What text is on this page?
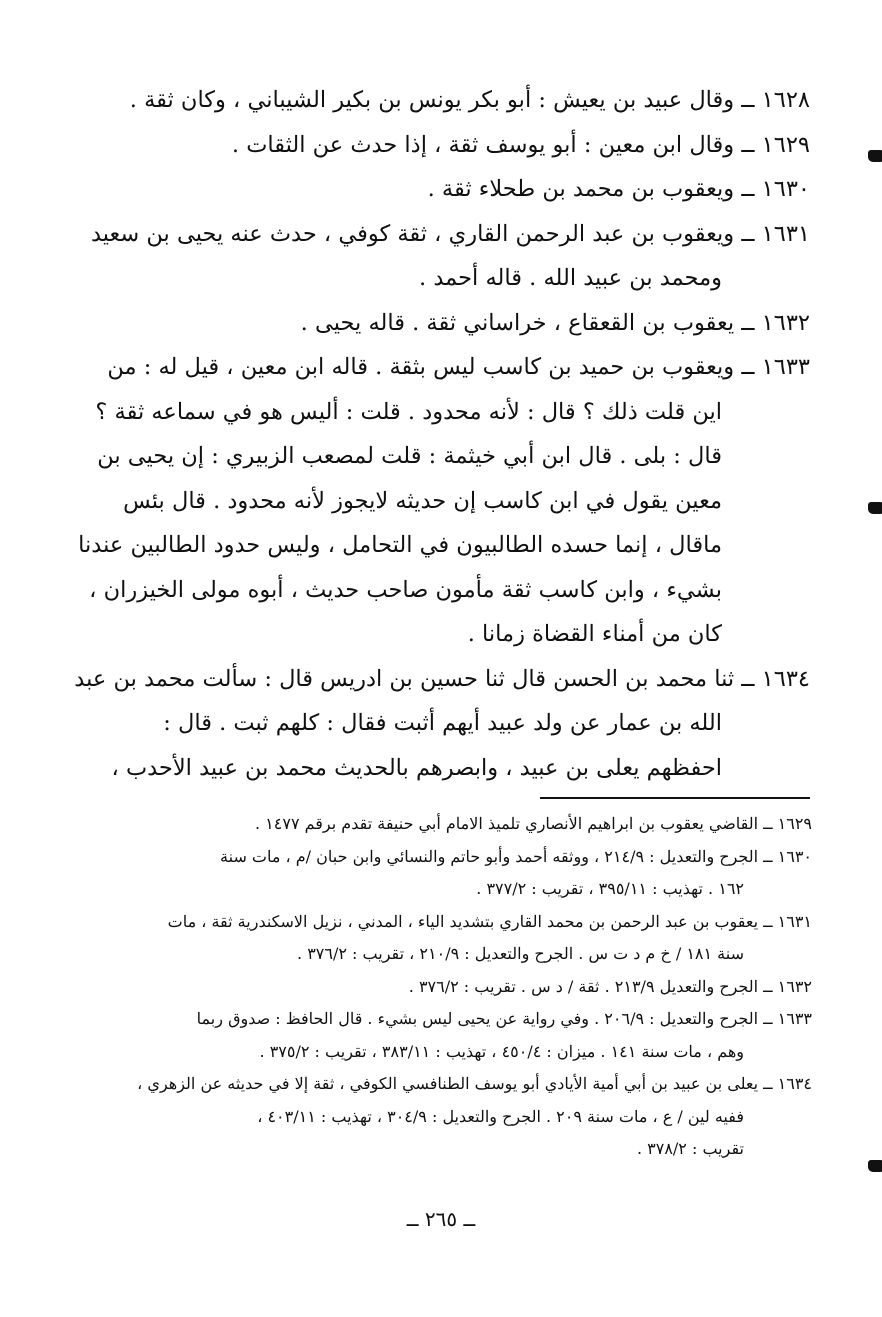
١٦٢٨ ــ وقال عبيد بن يعيش : أبو بكر يونس بن بكير الشيباني ، وكان ثقة .

١٦٢٩ ــ وقال ابن معين : أبو يوسف ثقة ، إذا حدث عن الثقات .

١٦٣٠ ــ ويعقوب بن محمد بن طحلاء ثقة .

١٦٣١ ــ ويعقوب بن عبد الرحمن القاري ، ثقة كوفي ، حدث عنه يحيى بن سعيد
ومحمد بن عبيد الله . قاله أحمد .

١٦٣٢ ــ يعقوب بن القعقاع ، خراساني ثقة . قاله يحيى .

١٦٣٣ ــ ويعقوب بن حميد بن كاسب ليس بثقة . قاله ابن معين ، قيل له : من
اين قلت ذلك ؟ قال : لأنه محدود . قلت : أليس هو في سماعه ثقة ؟
قال : بلى . قال ابن أبي خيثمة : قلت لمصعب الزبيري : إن يحيى بن
معين يقول في ابن كاسب إن حديثه لايجوز لأنه محدود . قال بئس
ماقال ، إنما حسده الطالبيون في التحامل ، وليس حدود الطالبين عندنا
بشيء ، وابن كاسب ثقة مأمون صاحب حديث ، أبوه مولى الخيزران ،
كان من أمناء القضاة زمانا .

١٦٣٤ ــ ثنا محمد بن الحسن قال ثنا حسين بن ادريس قال : سألت محمد بن عبد
الله بن عمار عن ولد عبيد أيهم أثبت فقال : كلهم ثبت . قال :
احفظهم يعلى بن عبيد ، وابصرهم بالحديث محمد بن عبيد الأحدب ،

١٦٢٩ ــ القاضي يعقوب بن ابراهيم الأنصاري تلميذ الامام أبي حنيفة تقدم برقم ١٤٧٧ .

١٦٣٠ ــ الجرح والتعديل : ٢١٤/٩ ، ووثقه أحمد وأبو حاتم والنسائي وابن حبان /م ، مات سنة
١٦٢ . تهذيب : ٣٩٥/١١ ، تقريب : ٣٧٧/٢ .

١٦٣١ ــ يعقوب بن عبد الرحمن بن محمد القاري بتشديد الياء ، المدني ، نزيل الاسكندرية ثقة ، مات
سنة ١٨١ / خ م د ت س . الجرح والتعديل : ٢١٠/٩ ، تقريب : ٣٧٦/٢ .

١٦٣٢ ــ الجرح والتعديل ٢١٣/٩ . ثقة / د س . تقريب : ٣٧٦/٢ .

١٦٣٣ ــ الجرح والتعديل : ٢٠٦/٩ . وفي رواية عن يحيى ليس بشيء . قال الحافظ : صدوق ربما
وهم ، مات سنة ١٤١ . ميزان : ٤٥٠/٤ ، تهذيب : ٣٨٣/١١ ، تقريب : ٣٧٥/٢ .

١٦٣٤ ــ يعلى بن عبيد بن أبي أمية الأيادي أبو يوسف الطنافسي الكوفي ، ثقة إلا في حديثه عن الزهري ،
ففيه لين / ع ، مات سنة ٢٠٩ . الجرح والتعديل : ٣٠٤/٩ ، تهذيب : ٤٠٣/١١ ،
تقريب : ٣٧٨/٢ .

ــ ٢٦٥ ــ
